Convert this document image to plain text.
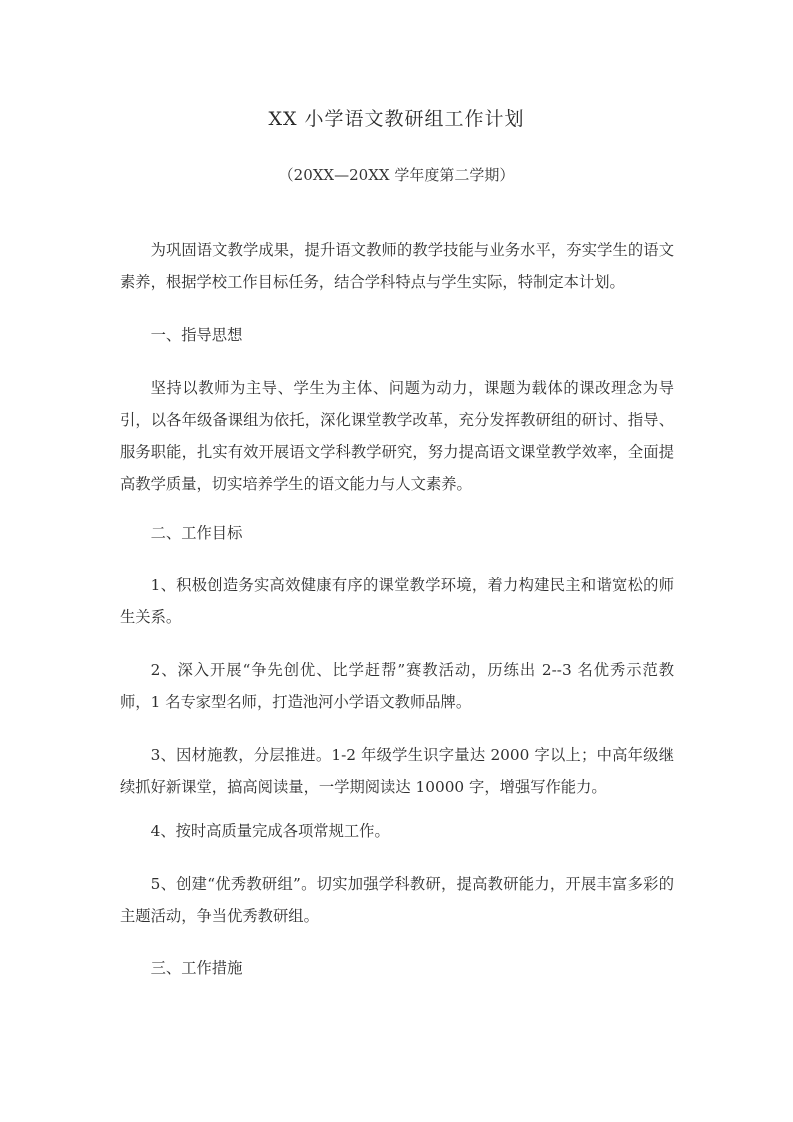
XX 小学语文教研组工作计划
（20XX—20XX 学年度第二学期）

为巩固语文教学成果，提升语文教师的教学技能与业务水平，夯实学生的语文素养，根据学校工作目标任务，结合学科特点与学生实际，特制定本计划。

一、指导思想

坚持以教师为主导、学生为主体、问题为动力，课题为载体的课改理念为导引，以各年级备课组为依托，深化课堂教学改革，充分发挥教研组的研讨、指导、服务职能，扎实有效开展语文学科教学研究，努力提高语文课堂教学效率，全面提高教学质量，切实培养学生的语文能力与人文素养。

二、工作目标

1、积极创造务实高效健康有序的课堂教学环境，着力构建民主和谐宽松的师生关系。

2、深入开展“争先创优、比学赶帮”赛教活动，历练出 2--3 名优秀示范教师，1 名专家型名师，打造池河小学语文教师品牌。

3、因材施教，分层推进。1-2 年级学生识字量达 2000 字以上；中高年级继续抓好新课堂，搞高阅读量，一学期阅读达 10000 字，增强写作能力。

4、按时高质量完成各项常规工作。

5、创建“优秀教研组”。切实加强学科教研，提高教研能力，开展丰富多彩的主题活动，争当优秀教研组。

三、工作措施
